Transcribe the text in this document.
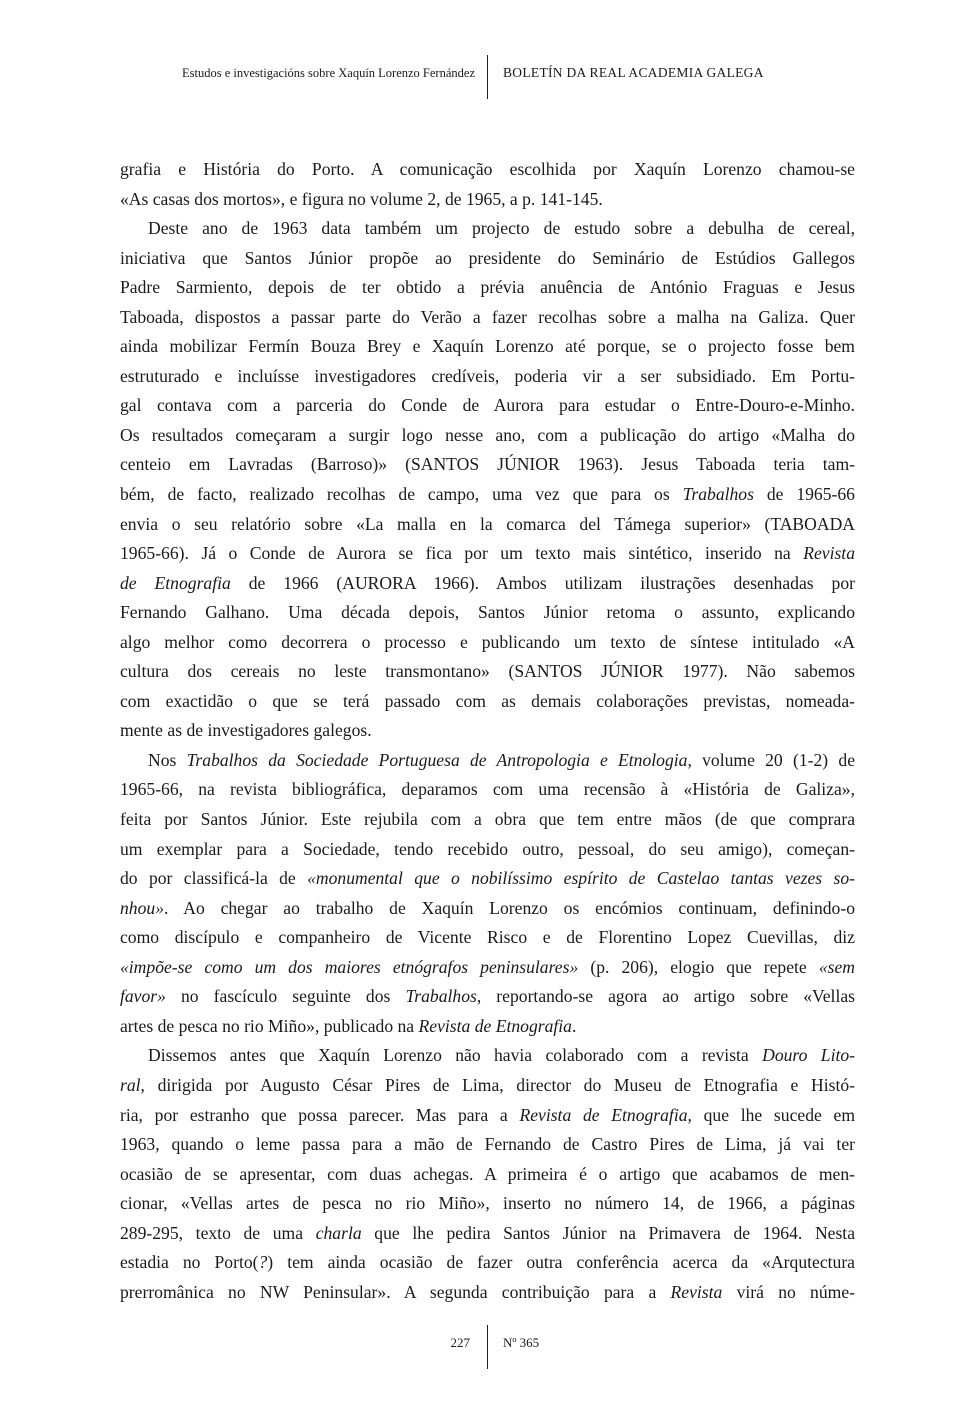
Estudos e investigacións sobre Xaquín Lorenzo Fernández BOLETÍN DA REAL ACADEMIA GALEGA
grafia e História do Porto. A comunicação escolhida por Xaquín Lorenzo chamou-se
«As casas dos mortos», e figura no volume 2, de 1965, a p. 141-145.
Deste ano de 1963 data também um projecto de estudo sobre a debulha de cereal,
iniciativa que Santos Júnior propõe ao presidente do Seminário de Estúdios Gallegos
Padre Sarmiento, depois de ter obtido a prévia anuência de António Fraguas e Jesus
Taboada, dispostos a passar parte do Verão a fazer recolhas sobre a malha na Galiza. Quer
ainda mobilizar Fermín Bouza Brey e Xaquín Lorenzo até porque, se o projecto fosse bem
estruturado e incluísse investigadores credíveis, poderia vir a ser subsidiado. Em Portu-
gal contava com a parceria do Conde de Aurora para estudar o Entre-Douro-e-Minho.
Os resultados começaram a surgir logo nesse ano, com a publicação do artigo «Malha do
centeio em Lavradas (Barroso)» (SANTOS JÚNIOR 1963). Jesus Taboada teria tam-
bém, de facto, realizado recolhas de campo, uma vez que para os Trabalhos de 1965-66
envia o seu relatório sobre «La malla en la comarca del Támega superior» (TABOADA
1965-66). Já o Conde de Aurora se fica por um texto mais sintético, inserido na Revista
de Etnografia de 1966 (AURORA 1966). Ambos utilizam ilustrações desenhadas por
Fernando Galhano. Uma década depois, Santos Júnior retoma o assunto, explicando
algo melhor como decorrera o processo e publicando um texto de síntese intitulado «A
cultura dos cereais no leste transmontano» (SANTOS JÚNIOR 1977). Não sabemos
com exactidão o que se terá passado com as demais colaborações previstas, nomeada-
mente as de investigadores galegos.
Nos Trabalhos da Sociedade Portuguesa de Antropologia e Etnologia, volume 20 (1-2) de
1965-66, na revista bibliográfica, deparamos com uma recensão à «História de Galiza»,
feita por Santos Júnior. Este rejubila com a obra que tem entre mãos (de que comprara
um exemplar para a Sociedade, tendo recebido outro, pessoal, do seu amigo), começan-
do por classificá-la de «monumental que o nobilíssimo espírito de Castelao tantas vezes so-
nhou». Ao chegar ao trabalho de Xaquín Lorenzo os encómios continuam, definindo-o
como discípulo e companheiro de Vicente Risco e de Florentino Lopez Cuevillas, diz
«impõe-se como um dos maiores etnógrafos peninsulares» (p. 206), elogio que repete «sem
favor» no fascículo seguinte dos Trabalhos, reportando-se agora ao artigo sobre «Vellas
artes de pesca no rio Miño», publicado na Revista de Etnografia.
Dissemos antes que Xaquín Lorenzo não havia colaborado com a revista Douro Lito-
ral, dirigida por Augusto César Pires de Lima, director do Museu de Etnografia e Histó-
ria, por estranho que possa parecer. Mas para a Revista de Etnografia, que lhe sucede em
1963, quando o leme passa para a mão de Fernando de Castro Pires de Lima, já vai ter
ocasião de se apresentar, com duas achegas. A primeira é o artigo que acabamos de men-
cionar, «Vellas artes de pesca no rio Miño», inserto no número 14, de 1966, a páginas
289-295, texto de uma charla que lhe pedira Santos Júnior na Primavera de 1964. Nesta
estadia no Porto(?) tem ainda ocasião de fazer outra conferência acerca da «Arqutectura
prerromânica no NW Peninsular». A segunda contribuição para a Revista virá no núme-
227	Nº 365
